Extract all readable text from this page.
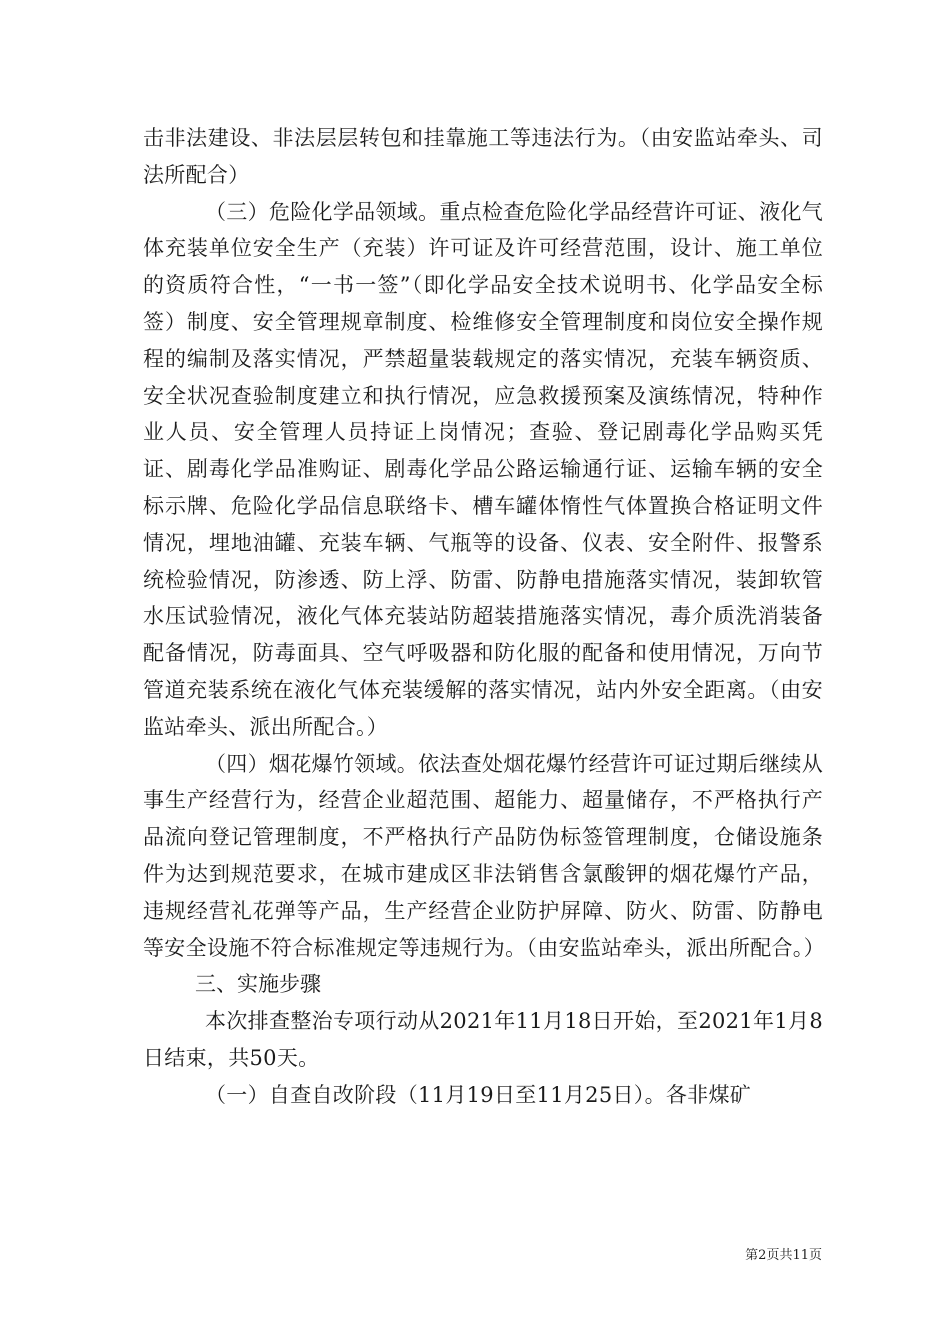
击非法建设、非法层层转包和挂靠施工等违法行为。（由安监站牵头、司法所配合）

（三）危险化学品领域。重点检查危险化学品经营许可证、液化气体充装单位安全生产（充装）许可证及许可经营范围，设计、施工单位的资质符合性，“一书一签”（即化学品安全技术说明书、化学品安全标签）制度、安全管理规章制度、检维修安全管理制度和岗位安全操作规程的编制及落实情况，严禁超量装载规定的落实情况，充装车辆资质、安全状况查验制度建立和执行情况，应急救援预案及演练情况，特种作业人员、安全管理人员持证上岗情况；查验、登记剧毒化学品购买凭证、剧毒化学品准购证、剧毒化学品公路运输通行证、运输车辆的安全标示牌、危险化学品信息联络卡、槽车罐体惰性气体置换合格证明文件情况，埋地油罐、充装车辆、气瓶等的设备、仪表、安全附件、报警系统检验情况，防渗透、防上浮、防雷、防静电措施落实情况，装卸软管水压试验情况，液化气体充装站防超装措施落实情况，毒介质洗消装备配备情况，防毒面具、空气呼吸器和防化服的配备和使用情况，万向节管道充装系统在液化气体充装缓解的落实情况，站内外安全距离。（由安监站牵头、派出所配合。）

（四）烟花爆竹领域。依法查处烟花爆竹经营许可证过期后继续从事生产经营行为，经营企业超范围、超能力、超量储存，不严格执行产品流向登记管理制度，不严格执行产品防伪标签管理制度，仓储设施条件为达到规范要求，在城市建成区非法销售含氯酸钾的烟花爆竹产品，违规经营礼花弹等产品，生产经营企业防护屏障、防火、防雷、防静电等安全设施不符合标准规定等违规行为。（由安监站牵头，派出所配合。）

三、实施步骤

本次排查整治专项行动从2021年11月18日开始，至2021年1月8日结束，共50天。

（一）自查自改阶段（11月19日至11月25日）。各非煤矿

第2页共11页
